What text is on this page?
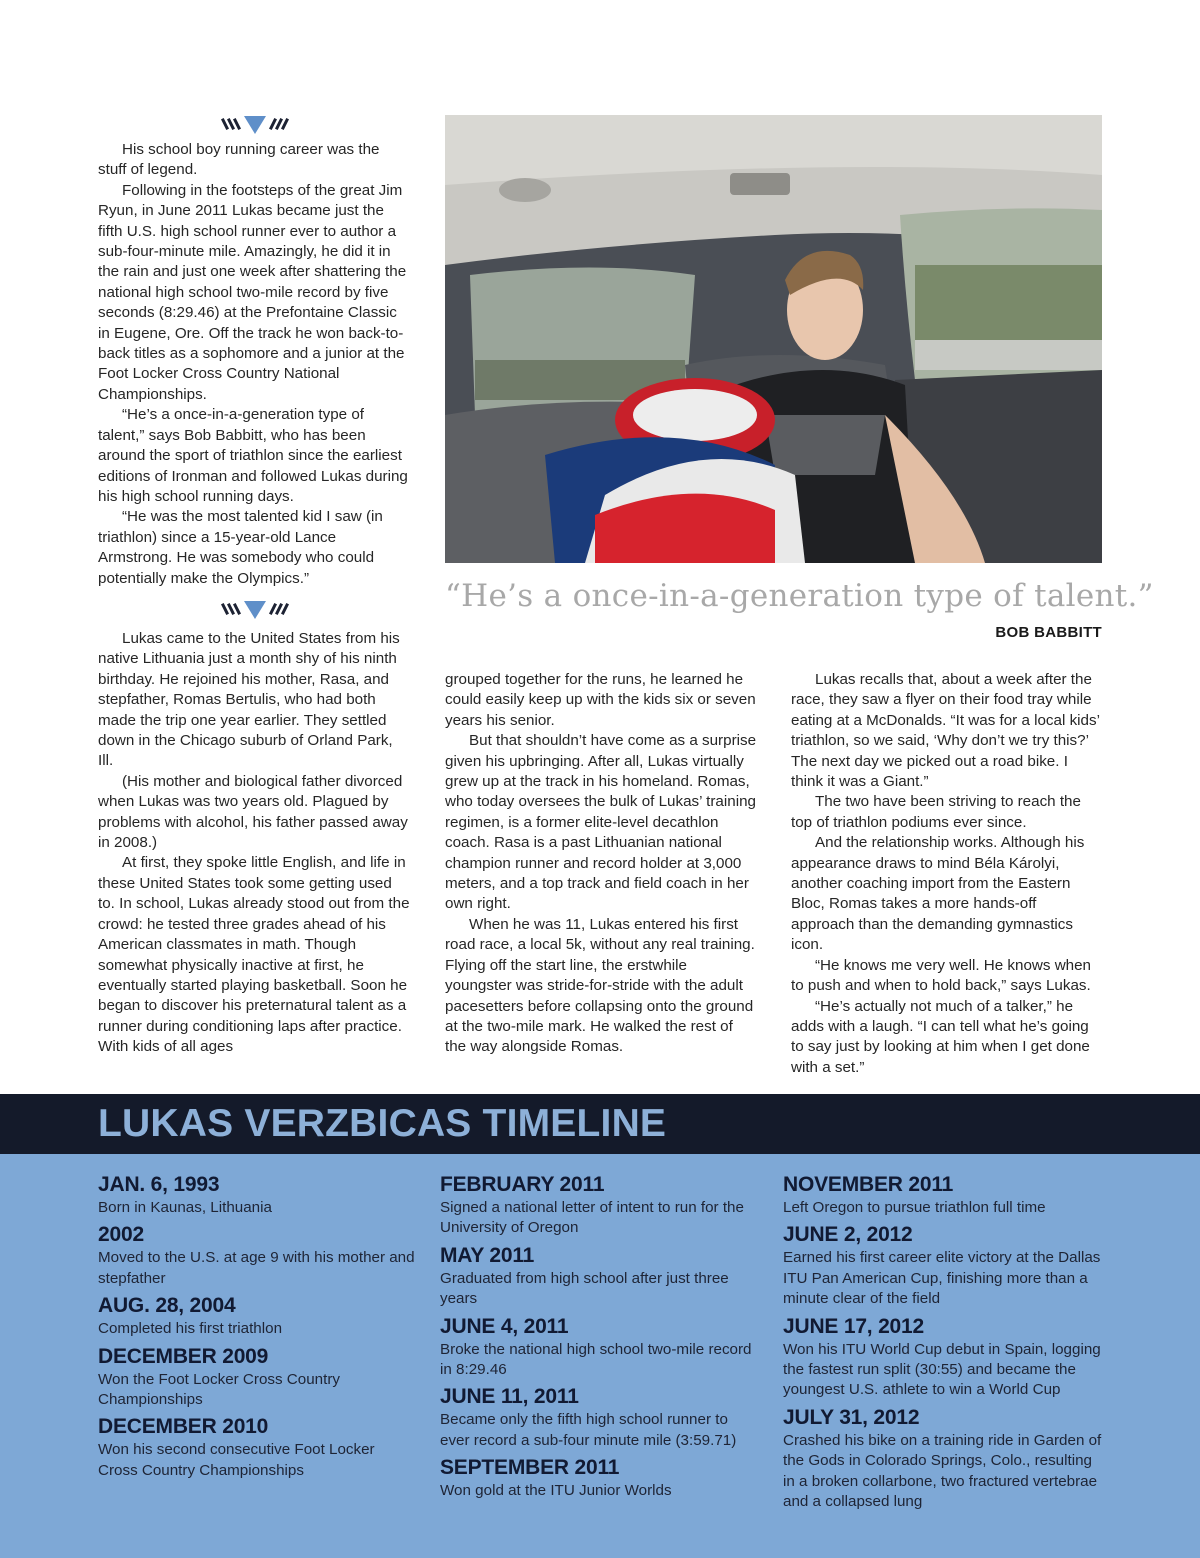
His school boy running career was the stuff of legend.

Following in the footsteps of the great Jim Ryun, in June 2011 Lukas became just the fifth U.S. high school runner ever to author a sub-four-minute mile. Amazingly, he did it in the rain and just one week after shattering the national high school two-mile record by five seconds (8:29.46) at the Prefontaine Classic in Eugene, Ore. Off the track he won back-to-back titles as a sophomore and a junior at the Foot Locker Cross Country National Championships.

“He’s a once-in-a-generation type of talent,” says Bob Babbitt, who has been around the sport of triathlon since the earliest editions of Ironman and followed Lukas during his high school running days.

“He was the most talented kid I saw (in triathlon) since a 15-year-old Lance Armstrong. He was somebody who could potentially make the Olympics.”

Lukas came to the United States from his native Lithuania just a month shy of his ninth birthday. He rejoined his mother, Rasa, and stepfather, Romas Bertulis, who had both made the trip one year earlier. They settled down in the Chicago suburb of Orland Park, Ill.

(His mother and biological father divorced when Lukas was two years old. Plagued by problems with alcohol, his father passed away in 2008.)

At first, they spoke little English, and life in these United States took some getting used to. In school, Lukas already stood out from the crowd: he tested three grades ahead of his American classmates in math. Though somewhat physically inactive at first, he eventually started playing basketball. Soon he began to discover his preternatural talent as a runner during conditioning laps after practice. With kids of all ages

“He’s a once-in-a-generation type of talent.”
BOB BABBITT

grouped together for the runs, he learned he could easily keep up with the kids six or seven years his senior.

But that shouldn’t have come as a surprise given his upbringing. After all, Lukas virtually grew up at the track in his homeland. Romas, who today oversees the bulk of Lukas’ training regimen, is a former elite-level decathlon coach. Rasa is a past Lithuanian national champion runner and record holder at 3,000 meters, and a top track and field coach in her own right.

When he was 11, Lukas entered his first road race, a local 5k, without any real training. Flying off the start line, the erstwhile youngster was stride-for-stride with the adult pacesetters before collapsing onto the ground at the two-mile mark. He walked the rest of the way alongside Romas.

Lukas recalls that, about a week after the race, they saw a flyer on their food tray while eating at a McDonalds. “It was for a local kids’ triathlon, so we said, ‘Why don’t we try this?’ The next day we picked out a road bike. I think it was a Giant.”

The two have been striving to reach the top of triathlon podiums ever since.

And the relationship works. Although his appearance draws to mind Béla Károlyi, another coaching import from the Eastern Bloc, Romas takes a more hands-off approach than the demanding gymnastics icon.

“He knows me very well. He knows when to push and when to hold back,” says Lukas.

“He’s actually not much of a talker,” he adds with a laugh. “I can tell what he’s going to say just by looking at him when I get done with a set.”

LUKAS VERZBICAS TIMELINE
JAN. 6, 1993
Born in Kaunas, Lithuania
2002
Moved to the U.S. at age 9 with his mother and stepfather
AUG. 28, 2004
Completed his first triathlon
DECEMBER 2009
Won the Foot Locker Cross Country Championships
DECEMBER 2010
Won his second consecutive Foot Locker Cross Country Championships
FEBRUARY 2011
Signed a national letter of intent to run for the University of Oregon
MAY 2011
Graduated from high school after just three years
JUNE 4, 2011
Broke the national high school two-mile record in 8:29.46
JUNE 11, 2011
Became only the fifth high school runner to ever record a sub-four minute mile (3:59.71)
SEPTEMBER 2011
Won gold at the ITU Junior Worlds
NOVEMBER 2011
Left Oregon to pursue triathlon full time
JUNE 2, 2012
Earned his first career elite victory at the Dallas ITU Pan American Cup, finishing more than a minute clear of the field
JUNE 17, 2012
Won his ITU World Cup debut in Spain, logging the fastest run split (30:55) and became the youngest U.S. athlete to win a World Cup
JULY 31, 2012
Crashed his bike on a training ride in Garden of the Gods in Colorado Springs, Colo., resulting in a broken collarbone, two fractured vertebrae and a collapsed lung
